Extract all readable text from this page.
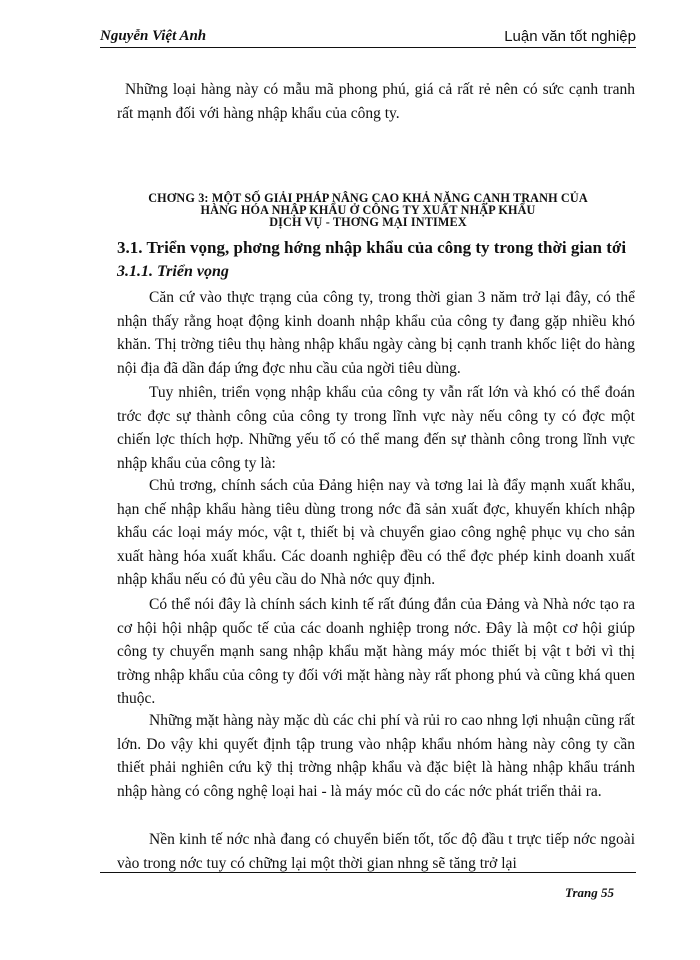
Nguyễn Việt Anh	Luận văn tốt nghiệp
Những loại hàng này có mẫu mã phong phú, giá cả rất rẻ nên có sức cạnh tranh rất mạnh đối với hàng nhập khẩu của công ty.
CHƠNG 3: MỘT SỐ GIẢI PHÁP NÂNG CAO KHẢ NĂNG CẠNH TRANH CỦA
HÀNG HÓA NHẬP KHẨU Ở CÔNG TY XUẤT NHẬP KHẨU
DỊCH VỤ - THƠNG MẠI INTIMEX
3.1. Triển vọng, phơng hớng nhập khẩu của công ty trong thời gian tới
3.1.1. Triển vọng
Căn cứ vào thực trạng của công ty, trong thời gian 3 năm trở lại đây, có thể nhận thấy rằng hoạt động kinh doanh nhập khẩu của công ty đang gặp nhiều khó khăn. Thị trờng tiêu thụ hàng nhập khẩu ngày càng bị cạnh tranh khốc liệt do hàng nội địa đã dần đáp ứng đợc nhu cầu của ngời tiêu dùng.
Tuy nhiên, triển vọng nhập khẩu của công ty vẫn rất lớn và khó có thể đoán trớc đợc sự thành công của công ty trong lĩnh vực này nếu công ty có đợc một chiến lợc thích hợp. Những yếu tố có thể mang đến sự thành công trong lĩnh vực nhập khẩu của công ty là:
Chủ trơng, chính sách của Đảng hiện nay và tơng lai là đẩy mạnh xuất khẩu, hạn chế nhập khẩu hàng tiêu dùng trong nớc đã sản xuất đợc, khuyến khích nhập khẩu các loại máy móc, vật t, thiết bị và chuyển giao công nghệ phục vụ cho sản xuất hàng hóa xuất khẩu. Các doanh nghiệp đều có thể đợc phép kinh doanh xuất nhập khẩu nếu có đủ yêu cầu do Nhà nớc quy định.
Có thể nói đây là chính sách kinh tế rất đúng đắn của Đảng và Nhà nớc tạo ra cơ hội hội nhập quốc tế của các doanh nghiệp trong nớc. Đây là một cơ hội giúp công ty chuyển mạnh sang nhập khẩu mặt hàng máy móc thiết bị vật t bởi vì thị trờng nhập khẩu của công ty đối với mặt hàng này rất phong phú và cũng khá quen thuộc.
Những mặt hàng này mặc dù các chi phí và rủi ro cao nhng lợi nhuận cũng rất lớn. Do vậy khi quyết định tập trung vào nhập khẩu nhóm hàng này công ty cần thiết phải nghiên cứu kỹ thị trờng nhập khẩu và đặc biệt là hàng nhập khẩu tránh nhập hàng có công nghệ loại hai - là máy móc cũ do các nớc phát triển thải ra.
Nền kinh tế nớc nhà đang có chuyển biến tốt, tốc độ đầu t trực tiếp nớc ngoài vào trong nớc tuy có chững lại một thời gian nhng sẽ tăng trở lại
Trang 55
